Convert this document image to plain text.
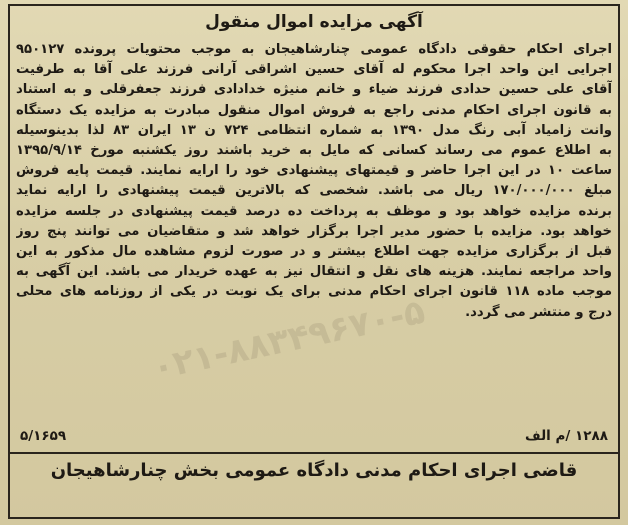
آگهی مزایده اموال منقول
اجرای احکام حقوقی دادگاه عمومی چنارشاهیجان به موجب محتویات پرونده ۹۵۰۱۲۷
اجرایی این واحد اجرا محکوم له آقای حسین اشراقی آرانی فرزند علی آقا به طرفیت
آقای علی حسین حدادی فرزند ضیاء و خانم منیژه خدادادی فرزند جعفرقلی و به استناد
به قانون اجرای احکام مدنی راجع به فروش اموال منقول مبادرت به مزایده یک دستگاه
وانت زامیاد آبی رنگ مدل ۱۳۹۰ به شماره انتظامی ۷۲۴ ن ۱۳ ایران ۸۳ لذا بدینوسیله
به اطلاع عموم می رساند کسانی که مایل به خرید باشند روز یکشنبه مورخ ۱۳۹۵/۹/۱۴
ساعت ۱۰ در این اجرا حاضر و قیمتهای پیشنهادی خود را ارایه نمایند. قیمت پایه فروش
مبلغ ۱۷۰/۰۰۰/۰۰۰ ریال می باشد. شخصی که بالاترین قیمت پیشنهادی را ارایه نماید
برنده مزایده خواهد بود و موظف به پرداخت ده درصد قیمت پیشنهادی در جلسه مزایده
خواهد بود. مزایده با حضور مدیر اجرا برگزار خواهد شد و متقاضیان می توانند پنج روز
قبل از برگزاری مزایده جهت اطلاع بیشتر و در صورت لزوم مشاهده مال مذکور به این
واحد مراجعه نمایند. هزینه های نقل و انتقال نیز به عهده خریدار می باشد. این آگهی به
موجب ماده ۱۱۸ قانون اجرای احکام مدنی برای یک نوبت در یکی از روزنامه های محلی
درج و منتشر می گردد.
۰۲۱-۸۸۳۴۹۶۷۰-۵
۱۲۸۸ /م الف
۵/۱۶۵۹
قاضی اجرای احکام مدنی دادگاه عمومی بخش چنارشاهیجان
